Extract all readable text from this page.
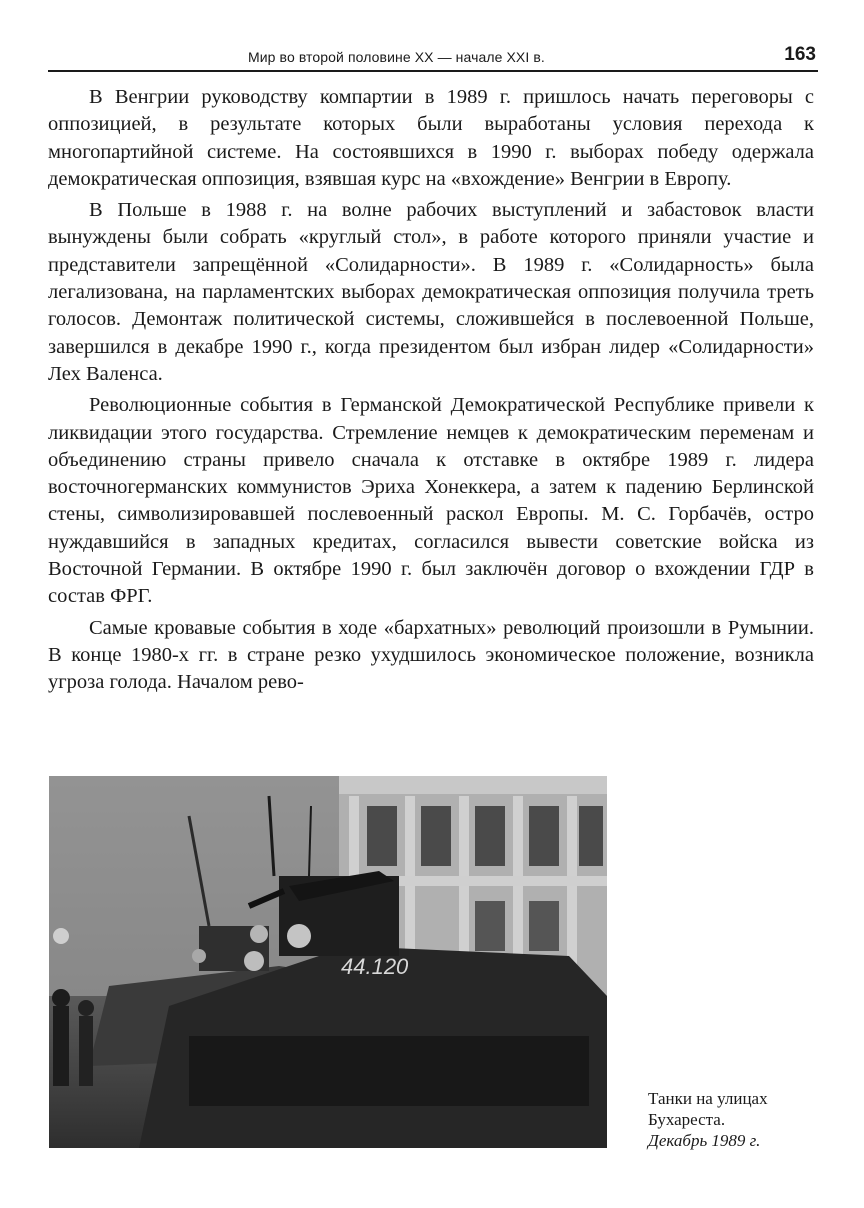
Мир во второй половине XX — начале XXI в.	163

В Венгрии руководству компартии в 1989 г. пришлось начать переговоры с оппозицией, в результате которых были выработаны условия перехода к многопартийной системе. На состоявшихся в 1990 г. выборах победу одержала демократическая оппозиция, взявшая курс на «вхождение» Венгрии в Европу.

В Польше в 1988 г. на волне рабочих выступлений и забастовок власти вынуждены были собрать «круглый стол», в работе которого приняли участие и представители запрещённой «Солидарности». В 1989 г. «Солидарность» была легализована, на парламентских выборах демократическая оппозиция получила треть голосов. Демонтаж политической системы, сложившейся в послевоенной Польше, завершился в декабре 1990 г., когда президентом был избран лидер «Солидарности» Лех Валенса.

Революционные события в Германской Демократической Республике привели к ликвидации этого государства. Стремление немцев к демократическим переменам и объединению страны привело сначала к отставке в октябре 1989 г. лидера восточногерманских коммунистов Эриха Хонеккера, а затем к падению Берлинской стены, символизировавшей послевоенный раскол Европы. М. С. Горбачёв, остро нуждавшийся в западных кредитах, согласился вывести советские войска из Восточной Германии. В октябре 1990 г. был заключён договор о вхождении ГДР в состав ФРГ.

Самые кровавые события в ходе «бархатных» революций произошли в Румынии. В конце 1980-х гг. в стране резко ухудшилось экономическое положение, возникла угроза голода. Началом рево-

44.120
Танки на улицах
Бухареста.
Декабрь 1989 г.
